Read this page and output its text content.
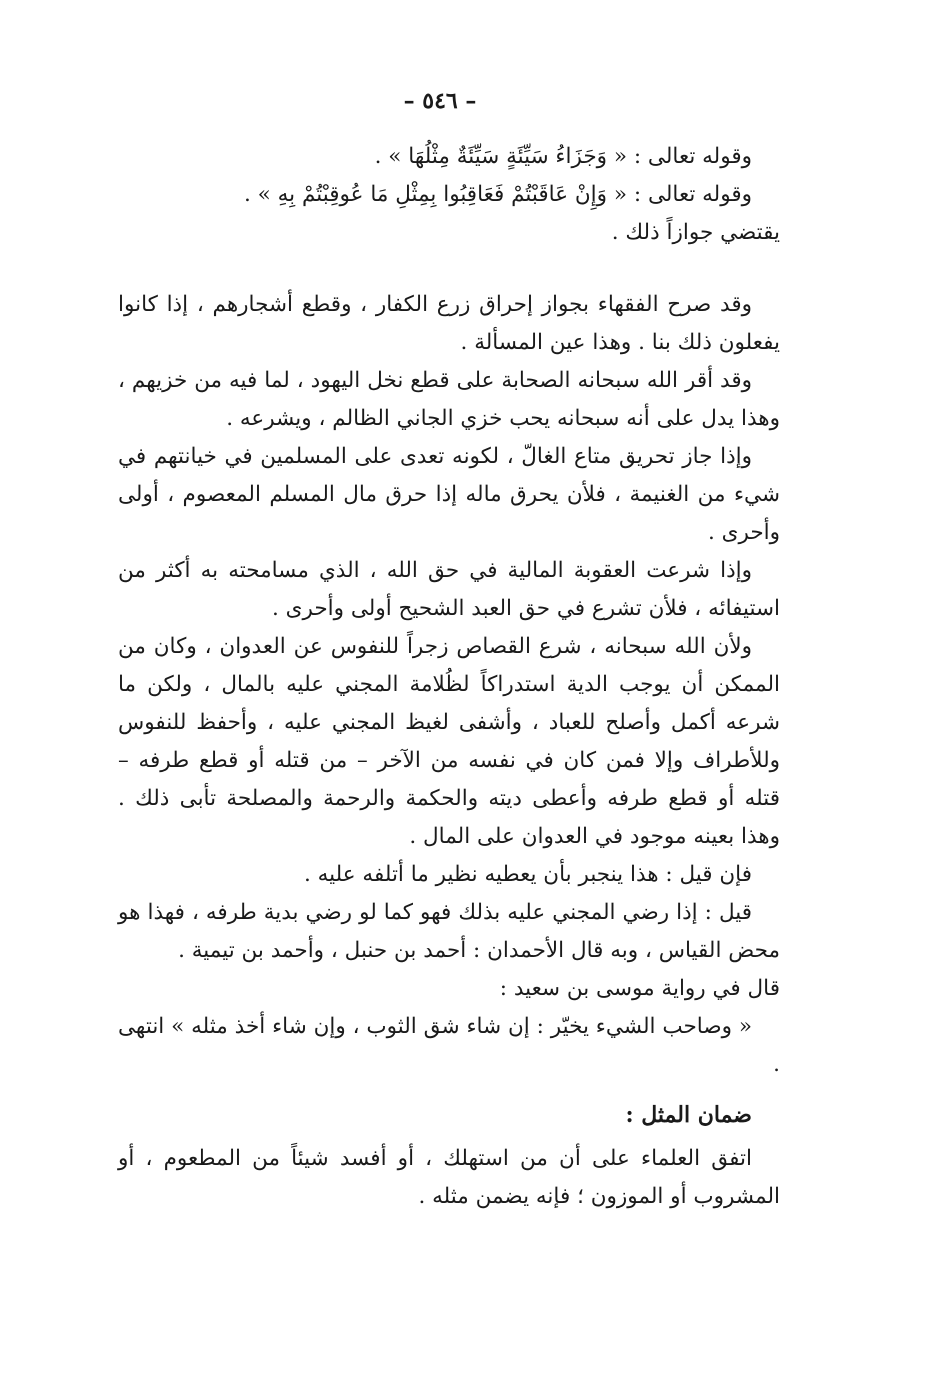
– ٥٤٦ –

وقوله تعالى : « وَجَزَاءُ سَيِّئَةٍ سَيِّئَةٌ مِثْلُهَا » .

وقوله تعالى : « وَإِنْ عَاقَبْتُمْ فَعَاقِبُوا بِمِثْلِ مَا عُوقِبْتُمْ بِهِ » .

يقتضي جوازاً ذلك .

وقد صرح الفقهاء بجواز إحراق زرع الكفار ، وقطع أشجارهم ، إذا كانوا يفعلون ذلك بنا . وهذا عين المسألة .

وقد أقر الله سبحانه الصحابة على قطع نخل اليهود ، لما فيه من خزيهم ، وهذا يدل على أنه سبحانه يحب خزي الجاني الظالم ، ويشرعه .

وإذا جاز تحريق متاع الغالّ ، لكونه تعدى على المسلمين في خيانتهم في شيء من الغنيمة ، فلأن يحرق ماله إذا حرق مال المسلم المعصوم ، أولى وأحرى .

وإذا شرعت العقوبة المالية في حق الله ، الذي مسامحته به أكثر من استيفائه ، فلأن تشرع في حق العبد الشحيح أولى وأحرى .

ولأن الله سبحانه ، شرع القصاص زجراً للنفوس عن العدوان ، وكان من الممكن أن يوجب الدية استدراكاً لظُلامة المجني عليه بالمال ، ولكن ما شرعه أكمل وأصلح للعباد ، وأشفى لغيظ المجني عليه ، وأحفظ للنفوس وللأطراف وإلا فمن كان في نفسه من الآخر – من قتله أو قطع طرفه – قتله أو قطع طرفه وأعطى ديته والحكمة والرحمة والمصلحة تأبى ذلك . وهذا بعينه موجود في العدوان على المال .

فإن قيل : هذا ينجبر بأن يعطيه نظير ما أتلفه عليه .

قيل : إذا رضي المجني عليه بذلك فهو كما لو رضي بدية طرفه ، فهذا هو محض القياس ، وبه قال الأحمدان : أحمد بن حنبل ، وأحمد بن تيمية .

قال في رواية موسى بن سعيد :

« وصاحب الشيء يخيّر : إن شاء شق الثوب ، وإن شاء أخذ مثله » انتهى .

ضمان المثل :

اتفق العلماء على أن من استهلك ، أو أفسد شيئاً من المطعوم ، أو المشروب أو الموزون ؛ فإنه يضمن مثله .
